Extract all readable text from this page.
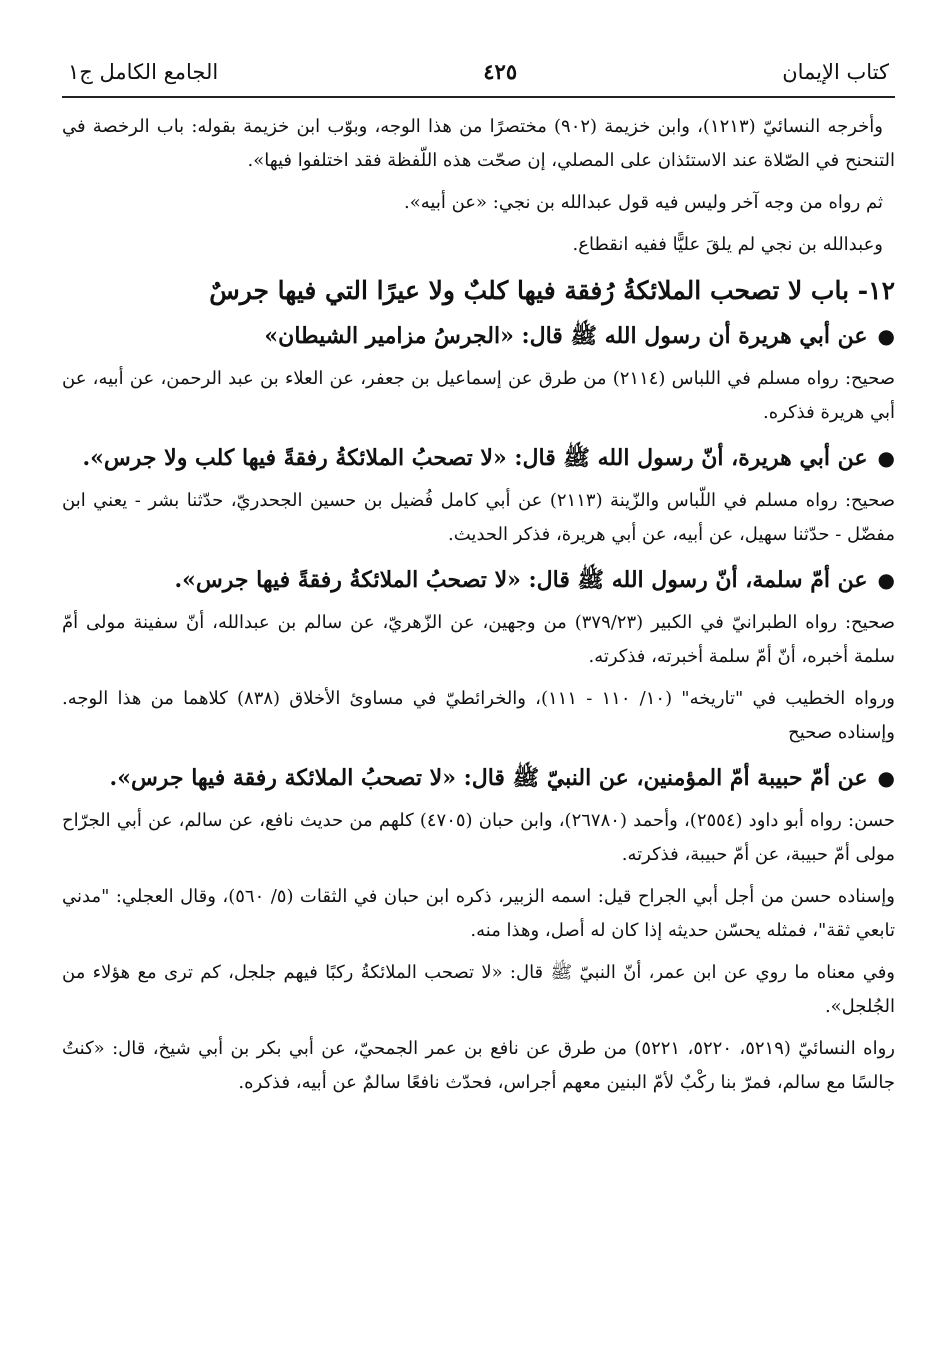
كتاب الإيمان
٤٢٥
الجامع الكامل ج١

وأخرجه النسائيّ (١٢١٣)، وابن خزيمة (٩٠٢) مختصرًا من هذا الوجه، وبوّب ابن خزيمة بقوله: باب الرخصة في التنحنح في الصّلاة عند الاستئذان على المصلي، إن صحّت هذه اللّفظة فقد اختلفوا فيها».

ثم رواه من وجه آخر وليس فيه قول عبدالله بن نجي: «عن أبيه».

وعبدالله بن نجي لم يلقَ عليًّا ففيه انقطاع.

١٢- باب لا تصحب الملائكةُ رُفقة فيها كلبٌ ولا عيرًا التي فيها جرسٌ
●عن أبي هريرة أن رسول الله ﷺ قال: «الجرسُ مزامير الشيطان»

صحيح: رواه مسلم في اللباس (٢١١٤) من طرق عن إسماعيل بن جعفر، عن العلاء بن عبد الرحمن، عن أبيه، عن أبي هريرة فذكره.

●عن أبي هريرة، أنّ رسول الله ﷺ قال: «لا تصحبُ الملائكةُ رفقةً فيها كلب ولا جرس».

صحيح: رواه مسلم في اللّباس والزّينة (٢١١٣) عن أبي كامل فُضيل بن حسين الجحدريّ، حدّثنا بشر - يعني ابن مفضّل - حدّثنا سهيل، عن أبيه، عن أبي هريرة، فذكر الحديث.

●عن أمّ سلمة، أنّ رسول الله ﷺ قال: «لا تصحبُ الملائكةُ رفقةً فيها جرس».

صحيح: رواه الطبرانيّ في الكبير (٣٧٩/٢٣) من وجهين، عن الزّهريّ، عن سالم بن عبدالله، أنّ سفينة مولى أمّ سلمة أخبره، أنّ أمّ سلمة أخبرته، فذكرته.

ورواه الخطيب في "تاريخه" (١٠/ ١١٠ - ١١١)، والخرائطيّ في مساوئ الأخلاق (٨٣٨) كلاهما من هذا الوجه. وإسناده صحيح

●عن أمّ حبيبة أمّ المؤمنين، عن النبيّ ﷺ قال: «لا تصحبُ الملائكة رفقة فيها جرس».

حسن: رواه أبو داود (٢٥٥٤)، وأحمد (٢٦٧٨٠)، وابن حبان (٤٧٠٥) كلهم من حديث نافع، عن سالم، عن أبي الجرّاح مولى أمّ حبيبة، عن أمّ حبيبة، فذكرته.

وإسناده حسن من أجل أبي الجراح قيل: اسمه الزبير، ذكره ابن حبان في الثقات (٥/ ٥٦٠)، وقال العجلي: "مدني تابعي ثقة"، فمثله يحسّن حديثه إذا كان له أصل، وهذا منه.

وفي معناه ما روي عن ابن عمر، أنّ النبيّ ﷺ قال: «لا تصحب الملائكةُ ركبًا فيهم جلجل، كم ترى مع هؤلاء من الجُلجل».

رواه النسائيّ (٥٢١٩، ٥٢٢٠، ٥٢٢١) من طرق عن نافع بن عمر الجمحيّ، عن أبي بكر بن أبي شيخ، قال: «كنتُ جالسًا مع سالم، فمرّ بنا ركْبٌ لأمّ البنين معهم أجراس، فحدّث نافعًا سالمٌ عن أبيه، فذكره.
